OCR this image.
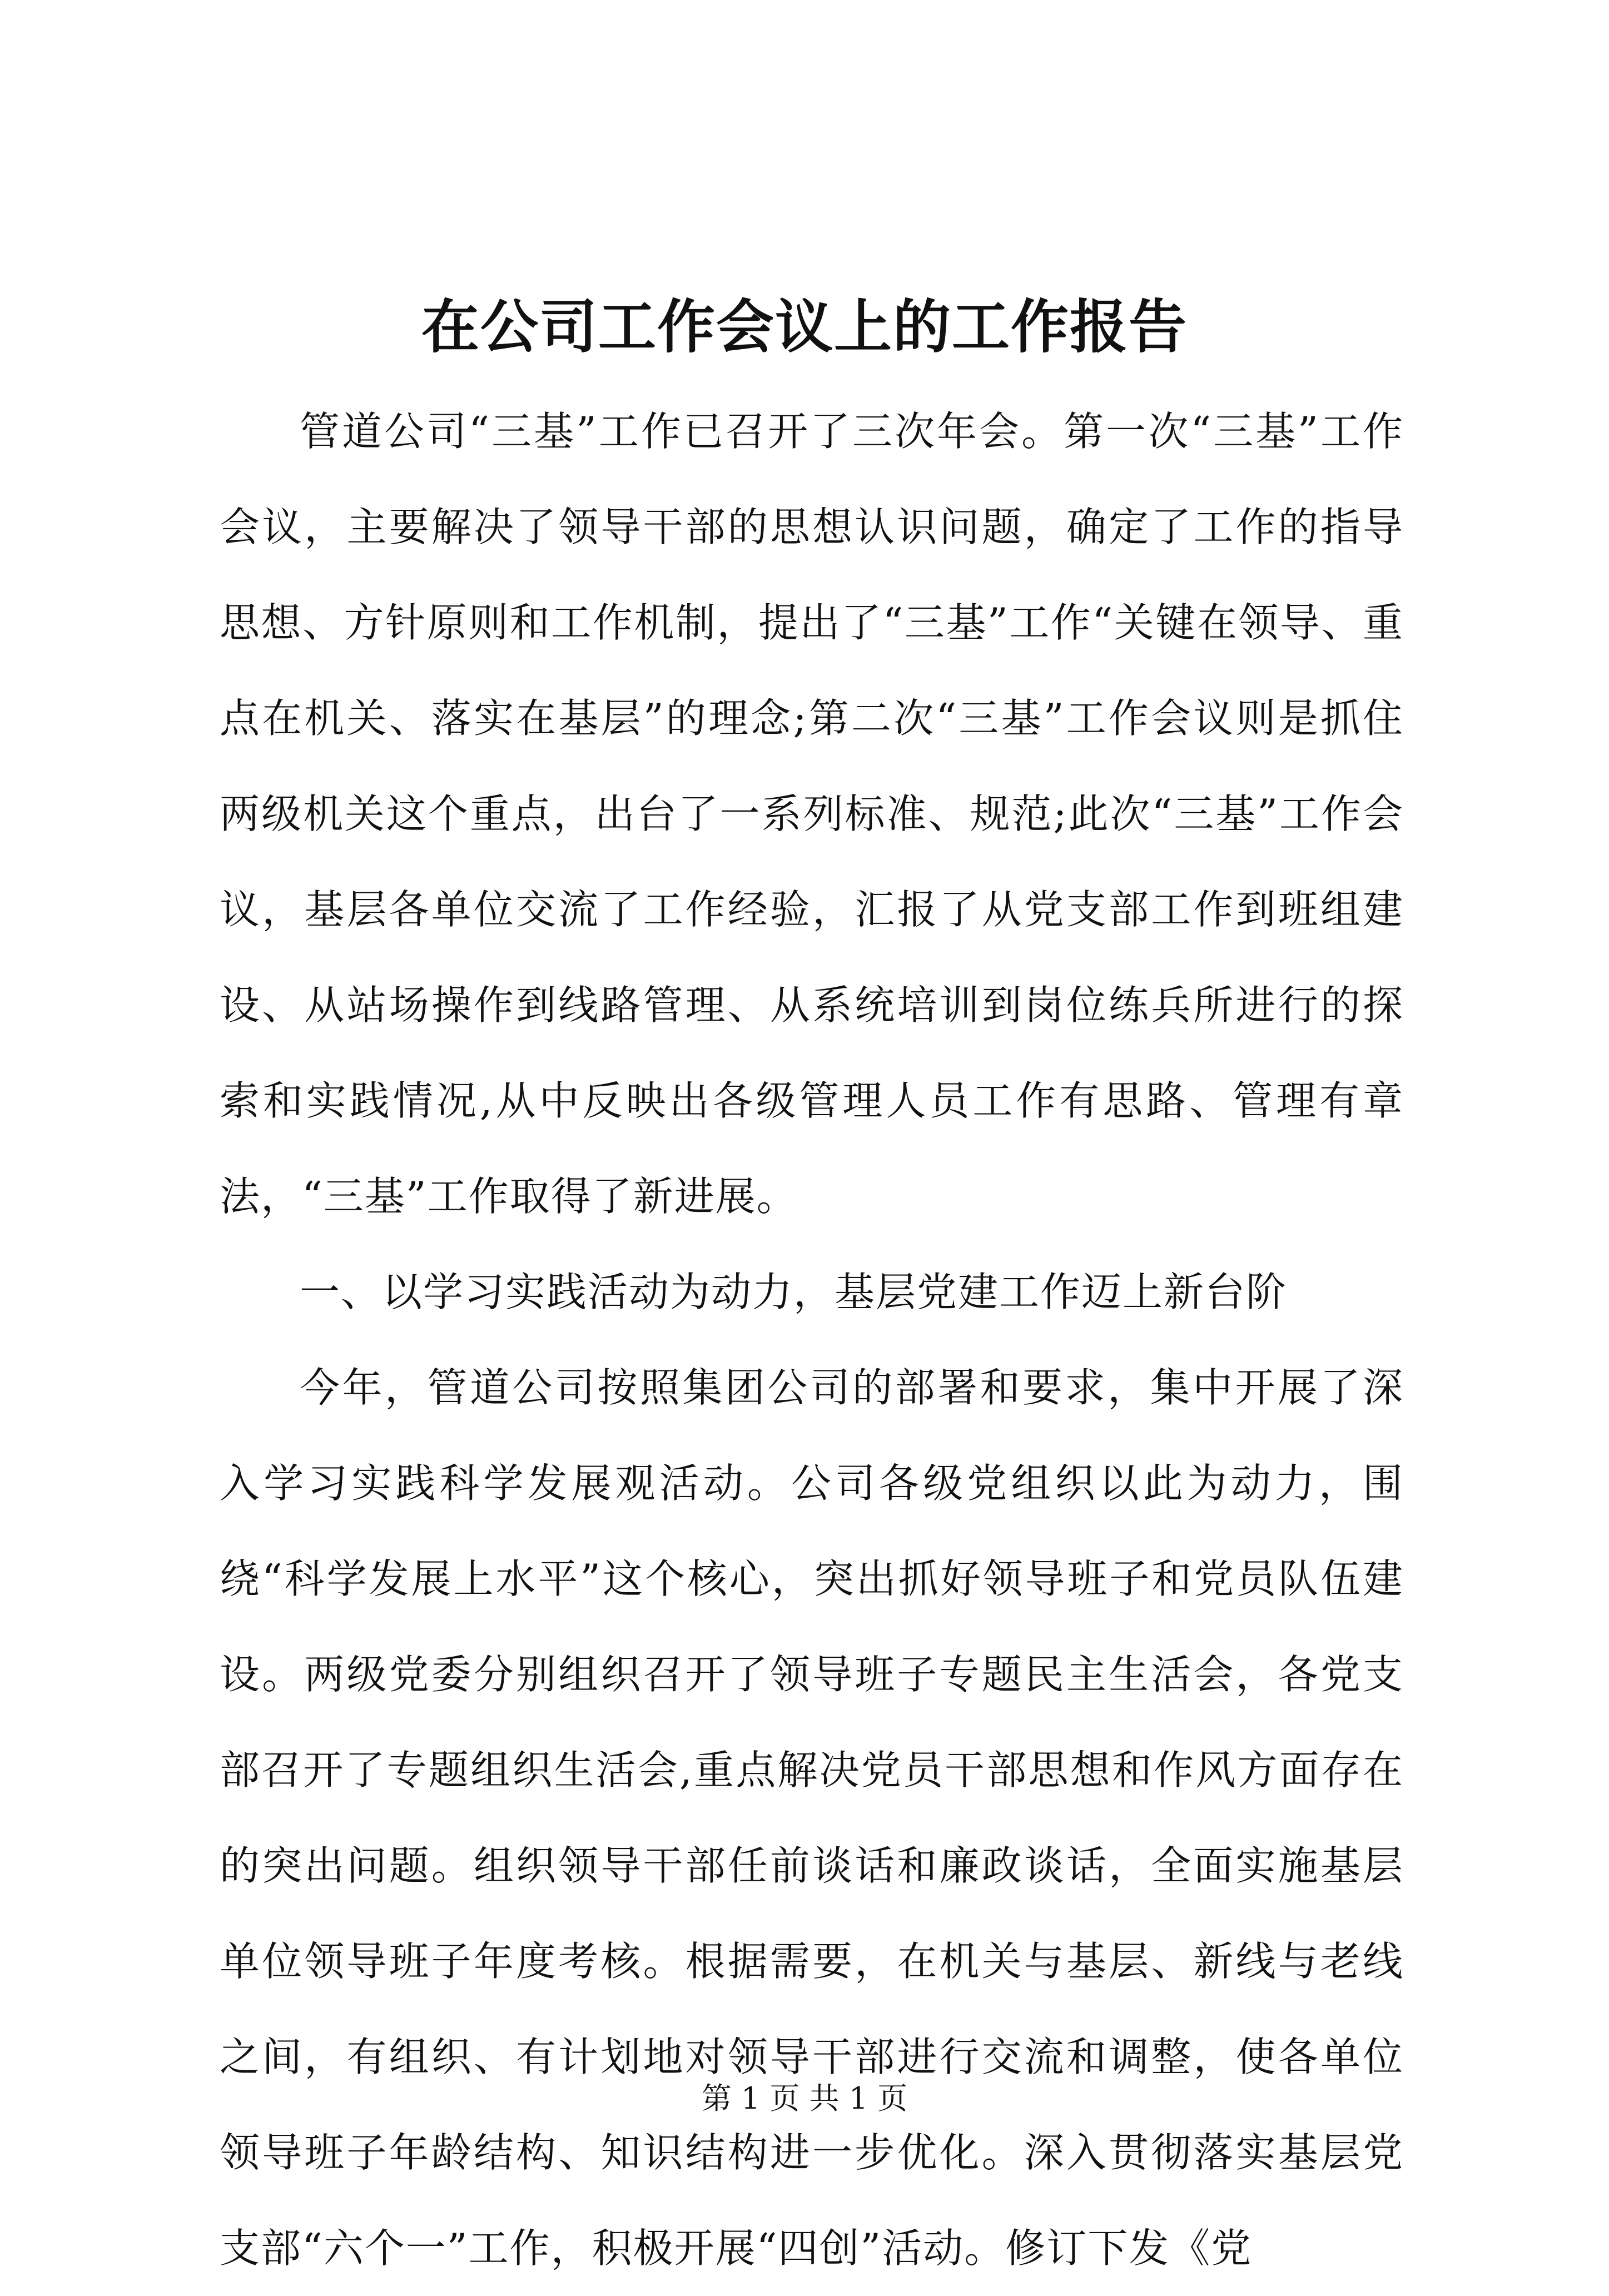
在公司工作会议上的工作报告

管道公司“三基”工作已召开了三次年会。第一次“三基”工作会议，主要解决了领导干部的思想认识问题，确定了工作的指导思想、方针原则和工作机制，提出了“三基”工作“关键在领导、重点在机关、落实在基层”的理念;第二次“三基”工作会议则是抓住两级机关这个重点，出台了一系列标准、规范;此次“三基”工作会议，基层各单位交流了工作经验，汇报了从党支部工作到班组建设、从站场操作到线路管理、从系统培训到岗位练兵所进行的探索和实践情况,从中反映出各级管理人员工作有思路、管理有章法，“三基”工作取得了新进展。

一、以学习实践活动为动力，基层党建工作迈上新台阶

今年，管道公司按照集团公司的部署和要求，集中开展了深入学习实践科学发展观活动。公司各级党组织以此为动力，围绕“科学发展上水平”这个核心，突出抓好领导班子和党员队伍建设。两级党委分别组织召开了领导班子专题民主生活会，各党支部召开了专题组织生活会,重点解决党员干部思想和作风方面存在的突出问题。组织领导干部任前谈话和廉政谈话，全面实施基层单位领导班子年度考核。根据需要，在机关与基层、新线与老线之间，有组织、有计划地对领导干部进行交流和调整，使各单位领导班子年龄结构、知识结构进一步优化。深入贯彻落实基层党支部“六个一”工作，积极开展“四创”活动。修订下发《党

第 1 页 共 1 页
